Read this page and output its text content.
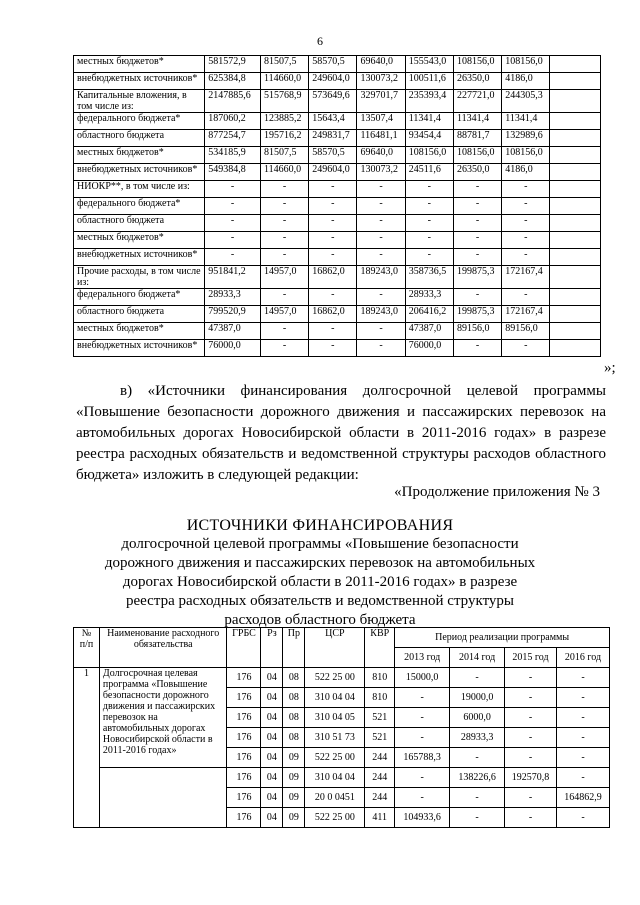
6
местных бюджетов*	581572,9	81507,5	58570,5	69640,0	155543,0	108156,0	108156,0	
внебюджетных источников*	625384,8	114660,0	249604,0	130073,2	100511,6	26350,0	4186,0	
Капитальные вложения, в том числе из:	2147885,6	515768,9	573649,6	329701,7	235393,4	227721,0	244305,3	
федерального бюджета*	187060,2	123885,2	15643,4	13507,4	11341,4	11341,4	11341,4	
областного бюджета	877254,7	195716,2	249831,7	116481,1	93454,4	88781,7	132989,6	
местных бюджетов*	534185,9	81507,5	58570,5	69640,0	108156,0	108156,0	108156,0	
внебюджетных источников*	549384,8	114660,0	249604,0	130073,2	24511,6	26350,0	4186,0	
НИОКР**, в том числе из:	-	-	-	-	-	-	-	
федерального бюджета*	-	-	-	-	-	-	-	
областного бюджета	-	-	-	-	-	-	-	
местных бюджетов*	-	-	-	-	-	-	-	
внебюджетных источников*	-	-	-	-	-	-	-	
Прочие расходы, в том числе из:	951841,2	14957,0	16862,0	189243,0	358736,5	199875,3	172167,4	
федерального бюджета*	28933,3	-	-	-	28933,3	-	-	
областного бюджета	799520,9	14957,0	16862,0	189243,0	206416,2	199875,3	172167,4	
местных бюджетов*	47387,0	-	-	-	47387,0	89156,0	89156,0	
внебюджетных источников*	76000,0	-	-	-	76000,0	-	-	
»;
в) «Источники финансирования долгосрочной целевой программы «Повышение безопасности дорожного движения и пассажирских перевозок на автомобильных дорогах Новосибирской области в 2011-2016 годах» в разрезе реестра расходных обязательств и ведомственной структуры расходов областного бюджета» изложить в следующей редакции:
«Продолжение приложения № 3
ИСТОЧНИКИ ФИНАНСИРОВАНИЯ
долгосрочной целевой программы «Повышение безопасности
дорожного движения и пассажирских перевозок на автомобильных
дорогах Новосибирской области в 2011-2016 годах» в разрезе
реестра расходных обязательств и ведомственной структуры
расходов областного бюджета
№ п/п	Наименование расходного обязательства	ГРБС	Рз	Пр	ЦСР	КВР	Период реализации программы			
							2013 год	2014 год	2015 год	2016 год
1	Долгосрочная целевая программа «Повышение безопасности дорожного движения и пассажирских перевозок на автомобильных дорогах Новосибирской области в 2011-2016 годах»	176	04	08	522 25 00	810	15000,0	-	-	-
		176	04	08	310 04 04	810	-	19000,0	-	-
		176	04	08	310 04 05	521	-	6000,0	-	-
		176	04	08	310 51 73	521	-	28933,3	-	-
		176	04	09	522 25 00	244	165788,3	-	-	-
		176	04	09	310 04 04	244	-	138226,6	192570,8	-
		176	04	09	20 0 0451	244	-	-	-	164862,9
		176	04	09	522 25 00	411	104933,6	-	-	-
